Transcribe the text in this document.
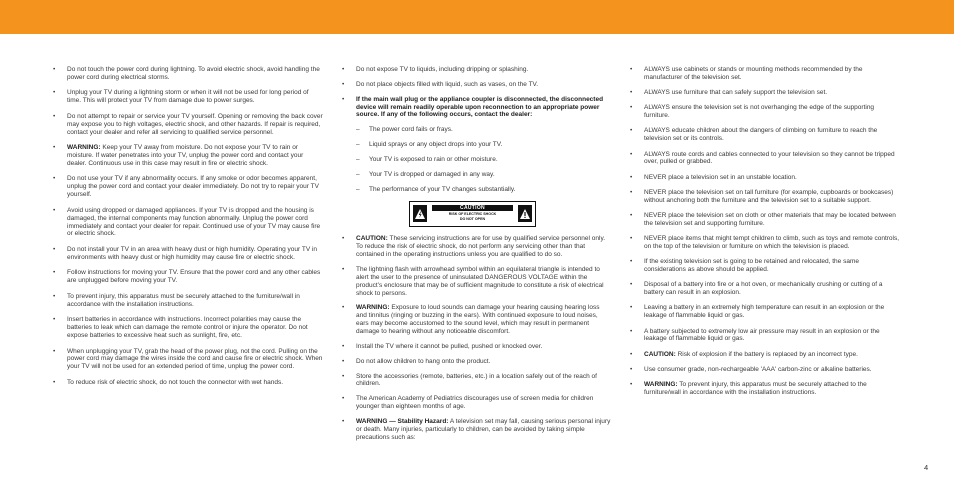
• Do not touch the power cord during lightning. To avoid electric shock, avoid handling the power cord during electrical storms.
• Unplug your TV during a lightning storm or when it will not be used for long period of time. This will protect your TV from damage due to power surges.
• Do not attempt to repair or service your TV yourself. Opening or removing the back cover may expose you to high voltages, electric shock, and other hazards. If repair is required, contact your dealer and refer all servicing to qualified service personnel.
• WARNING: Keep your TV away from moisture. Do not expose your TV to rain or moisture. If water penetrates into your TV, unplug the power cord and contact your dealer. Continuous use in this case may result in fire or electric shock.
• Do not use your TV if any abnormality occurs. If any smoke or odor becomes apparent, unplug the power cord and contact your dealer immediately. Do not try to repair your TV yourself.
• Avoid using dropped or damaged appliances. If your TV is dropped and the housing is damaged, the internal components may function abnormally. Unplug the power cord immediately and contact your dealer for repair. Continued use of your TV may cause fire or electric shock.
• Do not install your TV in an area with heavy dust or high humidity. Operating your TV in environments with heavy dust or high humidity may cause fire or electric shock.
• Follow instructions for moving your TV. Ensure that the power cord and any other cables are unplugged before moving your TV.
• To prevent injury, this apparatus must be securely attached to the furniture/wall in accordance with the installation instructions.
• Insert batteries in accordance with instructions. Incorrect polarities may cause the batteries to leak which can damage the remote control or injure the operator. Do not expose batteries to excessive heat such as sunlight, fire, etc.
• When unplugging your TV, grab the head of the power plug, not the cord. Pulling on the power cord may damage the wires inside the cord and cause fire or electric shock. When your TV will not be used for an extended period of time, unplug the power cord.
• To reduce risk of electric shock, do not touch the connector with wet hands.
• Do not expose TV to liquids, including dripping or splashing.
• Do not place objects filled with liquid, such as vases, on the TV.
• If the main wall plug or the appliance coupler is disconnected, the disconnected device will remain readily operable upon reconnection to an appropriate power source. If any of the following occurs, contact the dealer:
– The power cord fails or frays.
– Liquid sprays or any object drops into your TV.
– Your TV is exposed to rain or other moisture.
– Your TV is dropped or damaged in any way.
– The performance of your TV changes substantially.
CAUTION
RISK OF ELECTRIC SHOCK
DO NOT OPEN
• CAUTION: These servicing instructions are for use by qualified service personnel only. To reduce the risk of electric shock, do not perform any servicing other than that contained in the operating instructions unless you are qualified to do so.
• The lightning flash with arrowhead symbol within an equilateral triangle is intended to alert the user to the presence of uninsulated DANGEROUS VOLTAGE within the product’s enclosure that may be of sufficient magnitude to constitute a risk of electrical shock to persons.
• WARNING: Exposure to loud sounds can damage your hearing causing hearing loss and tinnitus (ringing or buzzing in the ears). With continued exposure to loud noises, ears may become accustomed to the sound level, which may result in permanent damage to hearing without any noticeable discomfort.
• Install the TV where it cannot be pulled, pushed or knocked over.
• Do not allow children to hang onto the product.
• Store the accessories (remote, batteries, etc.) in a location safely out of the reach of children.
• The American Academy of Pediatrics discourages use of screen media for children younger than eighteen months of age.
• WARNING — Stability Hazard: A television set may fall, causing serious personal injury or death. Many injuries, particularly to children, can be avoided by taking simple precautions such as:
• ALWAYS use cabinets or stands or mounting methods recommended by the manufacturer of the television set.
• ALWAYS use furniture that can safely support the television set.
• ALWAYS ensure the television set is not overhanging the edge of the supporting furniture.
• ALWAYS educate children about the dangers of climbing on furniture to reach the television set or its controls.
• ALWAYS route cords and cables connected to your television so they cannot be tripped over, pulled or grabbed.
• NEVER place a television set in an unstable location.
• NEVER place the television set on tall furniture (for example, cupboards or bookcases) without anchoring both the furniture and the television set to a suitable support.
• NEVER place the television set on cloth or other materials that may be located between the television set and supporting furniture.
• NEVER place items that might tempt children to climb, such as toys and remote controls, on the top of the television or furniture on which the television is placed.
• If the existing television set is going to be retained and relocated, the same considerations as above should be applied.
• Disposal of a battery into fire or a hot oven, or mechanically crushing or cutting of a battery can result in an explosion.
• Leaving a battery in an extremely high temperature can result in an explosion or the leakage of flammable liquid or gas.
• A battery subjected to extremely low air pressure may result in an explosion or the leakage of flammable liquid or gas.
• CAUTION: Risk of explosion if the battery is replaced by an incorrect type.
• Use consumer grade, non-rechargeable 'AAA' carbon-zinc or alkaline batteries.
• WARNING: To prevent injury, this apparatus must be securely attached to the furniture/wall in accordance with the installation instructions.
4
